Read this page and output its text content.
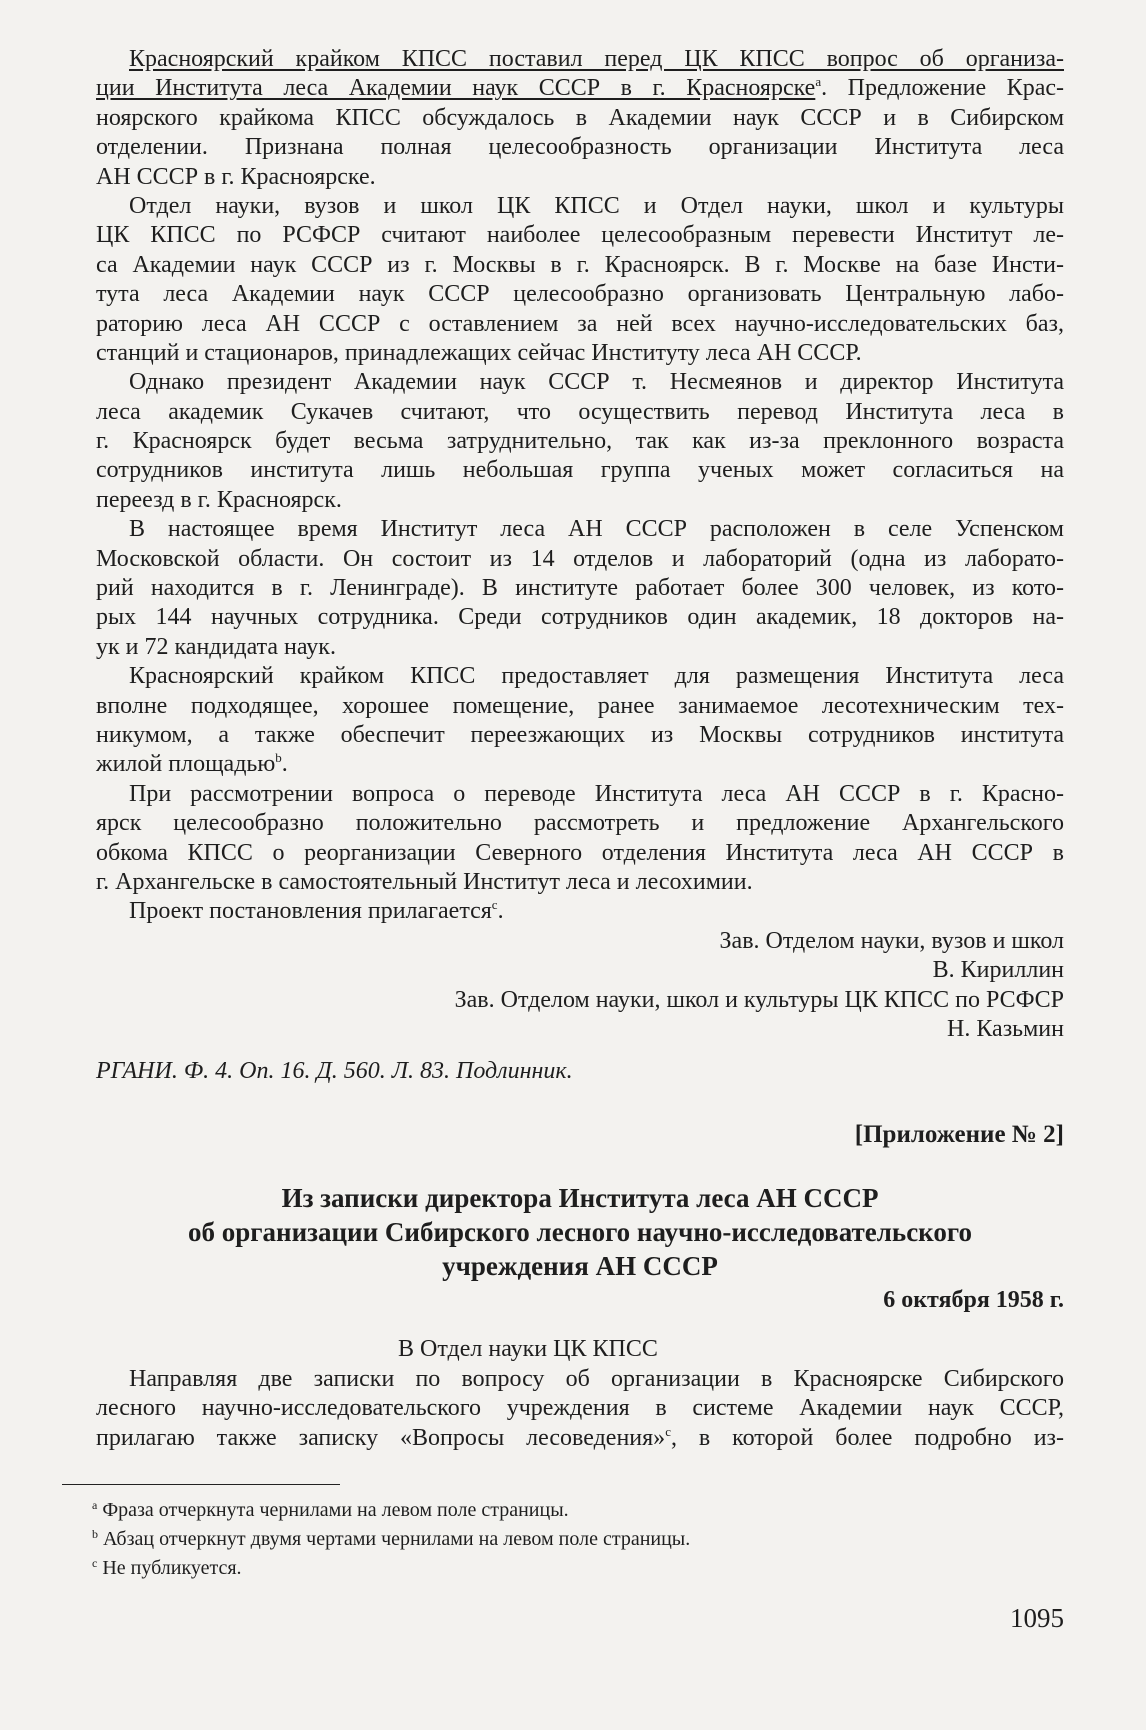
Красноярский крайком КПСС поставил перед ЦК КПСС вопрос об организа-
ции Института леса Академии наук СССР в г. Красноярске$^a$. Предложение Крас-
ноярского крайкома КПСС обсуждалось в Академии наук СССР и в Сибирском
отделении. Признана полная целесообразность организации Института леса
АН СССР в г. Красноярске.
Отдел науки, вузов и школ ЦК КПСС и Отдел науки, школ и культуры
ЦК КПСС по РСФСР считают наиболее целесообразным перевести Институт ле-
са Академии наук СССР из г. Москвы в г. Красноярск. В г. Москве на базе Инсти-
тута леса Академии наук СССР целесообразно организовать Центральную лабо-
раторию леса АН СССР с оставлением за ней всех научно-исследовательских баз,
станций и стационаров, принадлежащих сейчас Институту леса АН СССР.
Однако президент Академии наук СССР т. Несмеянов и директор Института
леса академик Сукачев считают, что осуществить перевод Института леса в
г. Красноярск будет весьма затруднительно, так как из-за преклонного возраста
сотрудников института лишь небольшая группа ученых может согласиться на
переезд в г. Красноярск.
В настоящее время Институт леса АН СССР расположен в селе Успенском
Московской области. Он состоит из 14 отделов и лабораторий (одна из лаборато-
рий находится в г. Ленинграде). В институте работает более 300 человек, из кото-
рых 144 научных сотрудника. Среди сотрудников один академик, 18 докторов на-
ук и 72 кандидата наук.
Красноярский крайком КПСС предоставляет для размещения Института леса
вполне подходящее, хорошее помещение, ранее занимаемое лесотехническим тех-
никумом, а также обеспечит переезжающих из Москвы сотрудников института
жилой площадью$^b$.
При рассмотрении вопроса о переводе Института леса АН СССР в г. Красно-
ярск целесообразно положительно рассмотреть и предложение Архангельского
обкома КПСС о реорганизации Северного отделения Института леса АН СССР в
г. Архангельске в самостоятельный Институт леса и лесохимии.
Проект постановления прилагается$^c$.
Зав. Отделом науки, вузов и школ
В. Кириллин
Зав. Отделом науки, школ и культуры ЦК КПСС по РСФСР
Н. Казьмин
РГАНИ. Ф. 4. Оп. 16. Д. 560. Л. 83. Подлинник.
[Приложение № 2]
Из записки директора Института леса АН СССР
об организации Сибирского лесного научно-исследовательского
учреждения АН СССР
6 октября 1958 г.
В Отдел науки ЦК КПСС
Направляя две записки по вопросу об организации в Красноярске Сибирского
лесного научно-исследовательского учреждения в системе Академии наук СССР,
прилагаю также записку «Вопросы лесоведения»$^c$, в которой более подробно из-
$^a$ Фраза отчеркнута чернилами на левом поле страницы.
$^b$ Абзац отчеркнут двумя чертами чернилами на левом поле страницы.
$^c$ Не публикуется.
1095
